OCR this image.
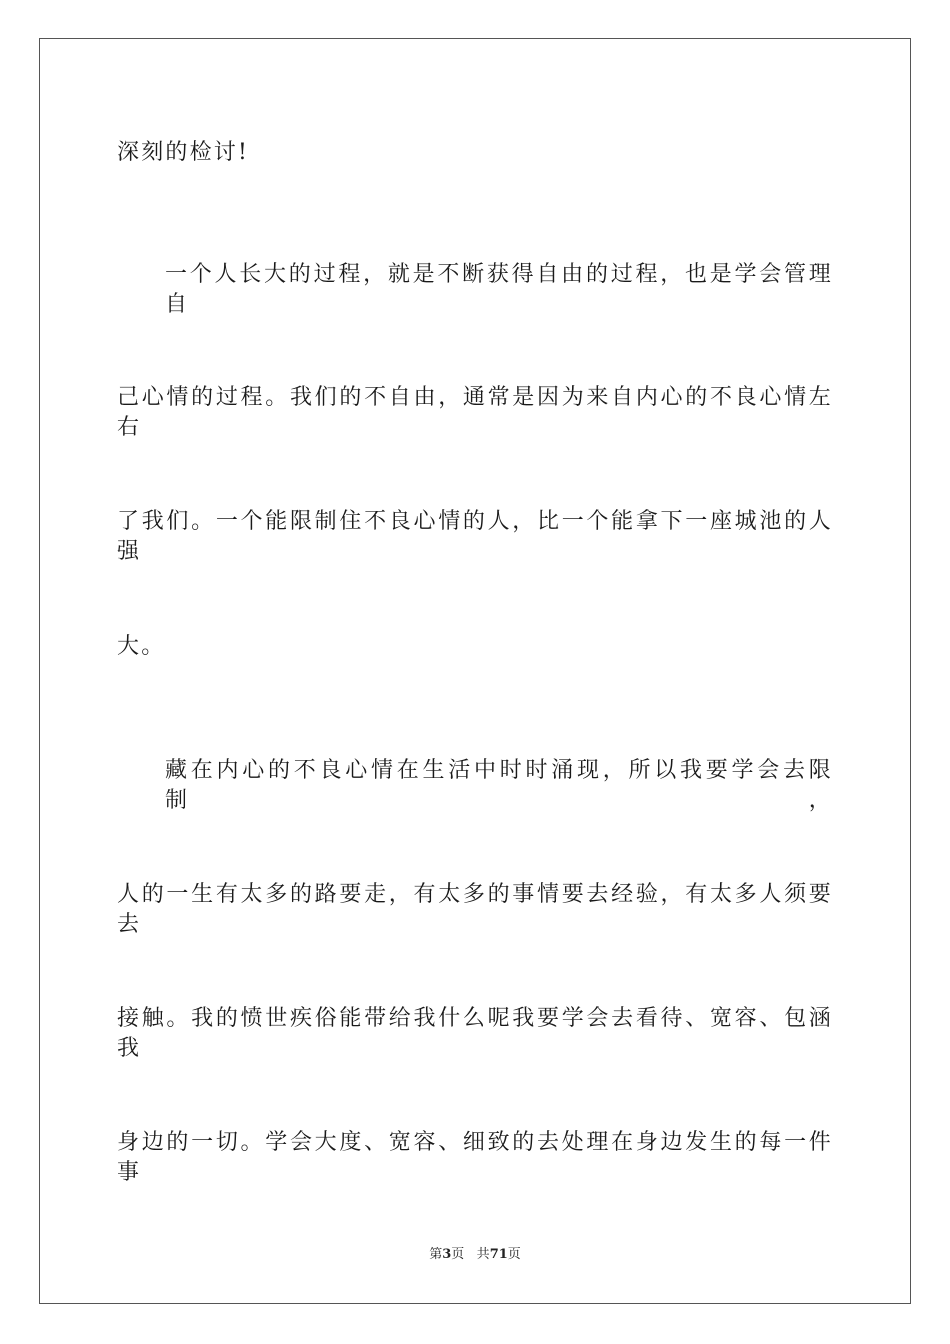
深刻的检讨!
一个人长大的过程，就是不断获得自由的过程，也是学会管理自
己心情的过程。我们的不自由，通常是因为来自内心的不良心情左右
了我们。一个能限制住不良心情的人，比一个能拿下一座城池的人强
大。
藏在内心的不良心情在生活中时时涌现，所以我要学会去限制，
人的一生有太多的路要走，有太多的事情要去经验，有太多人须要去
接触。我的愤世疾俗能带给我什么呢我要学会去看待、宽容、包涵我
身边的一切。学会大度、宽容、细致的去处理在身边发生的每一件事
第3页 共71页
